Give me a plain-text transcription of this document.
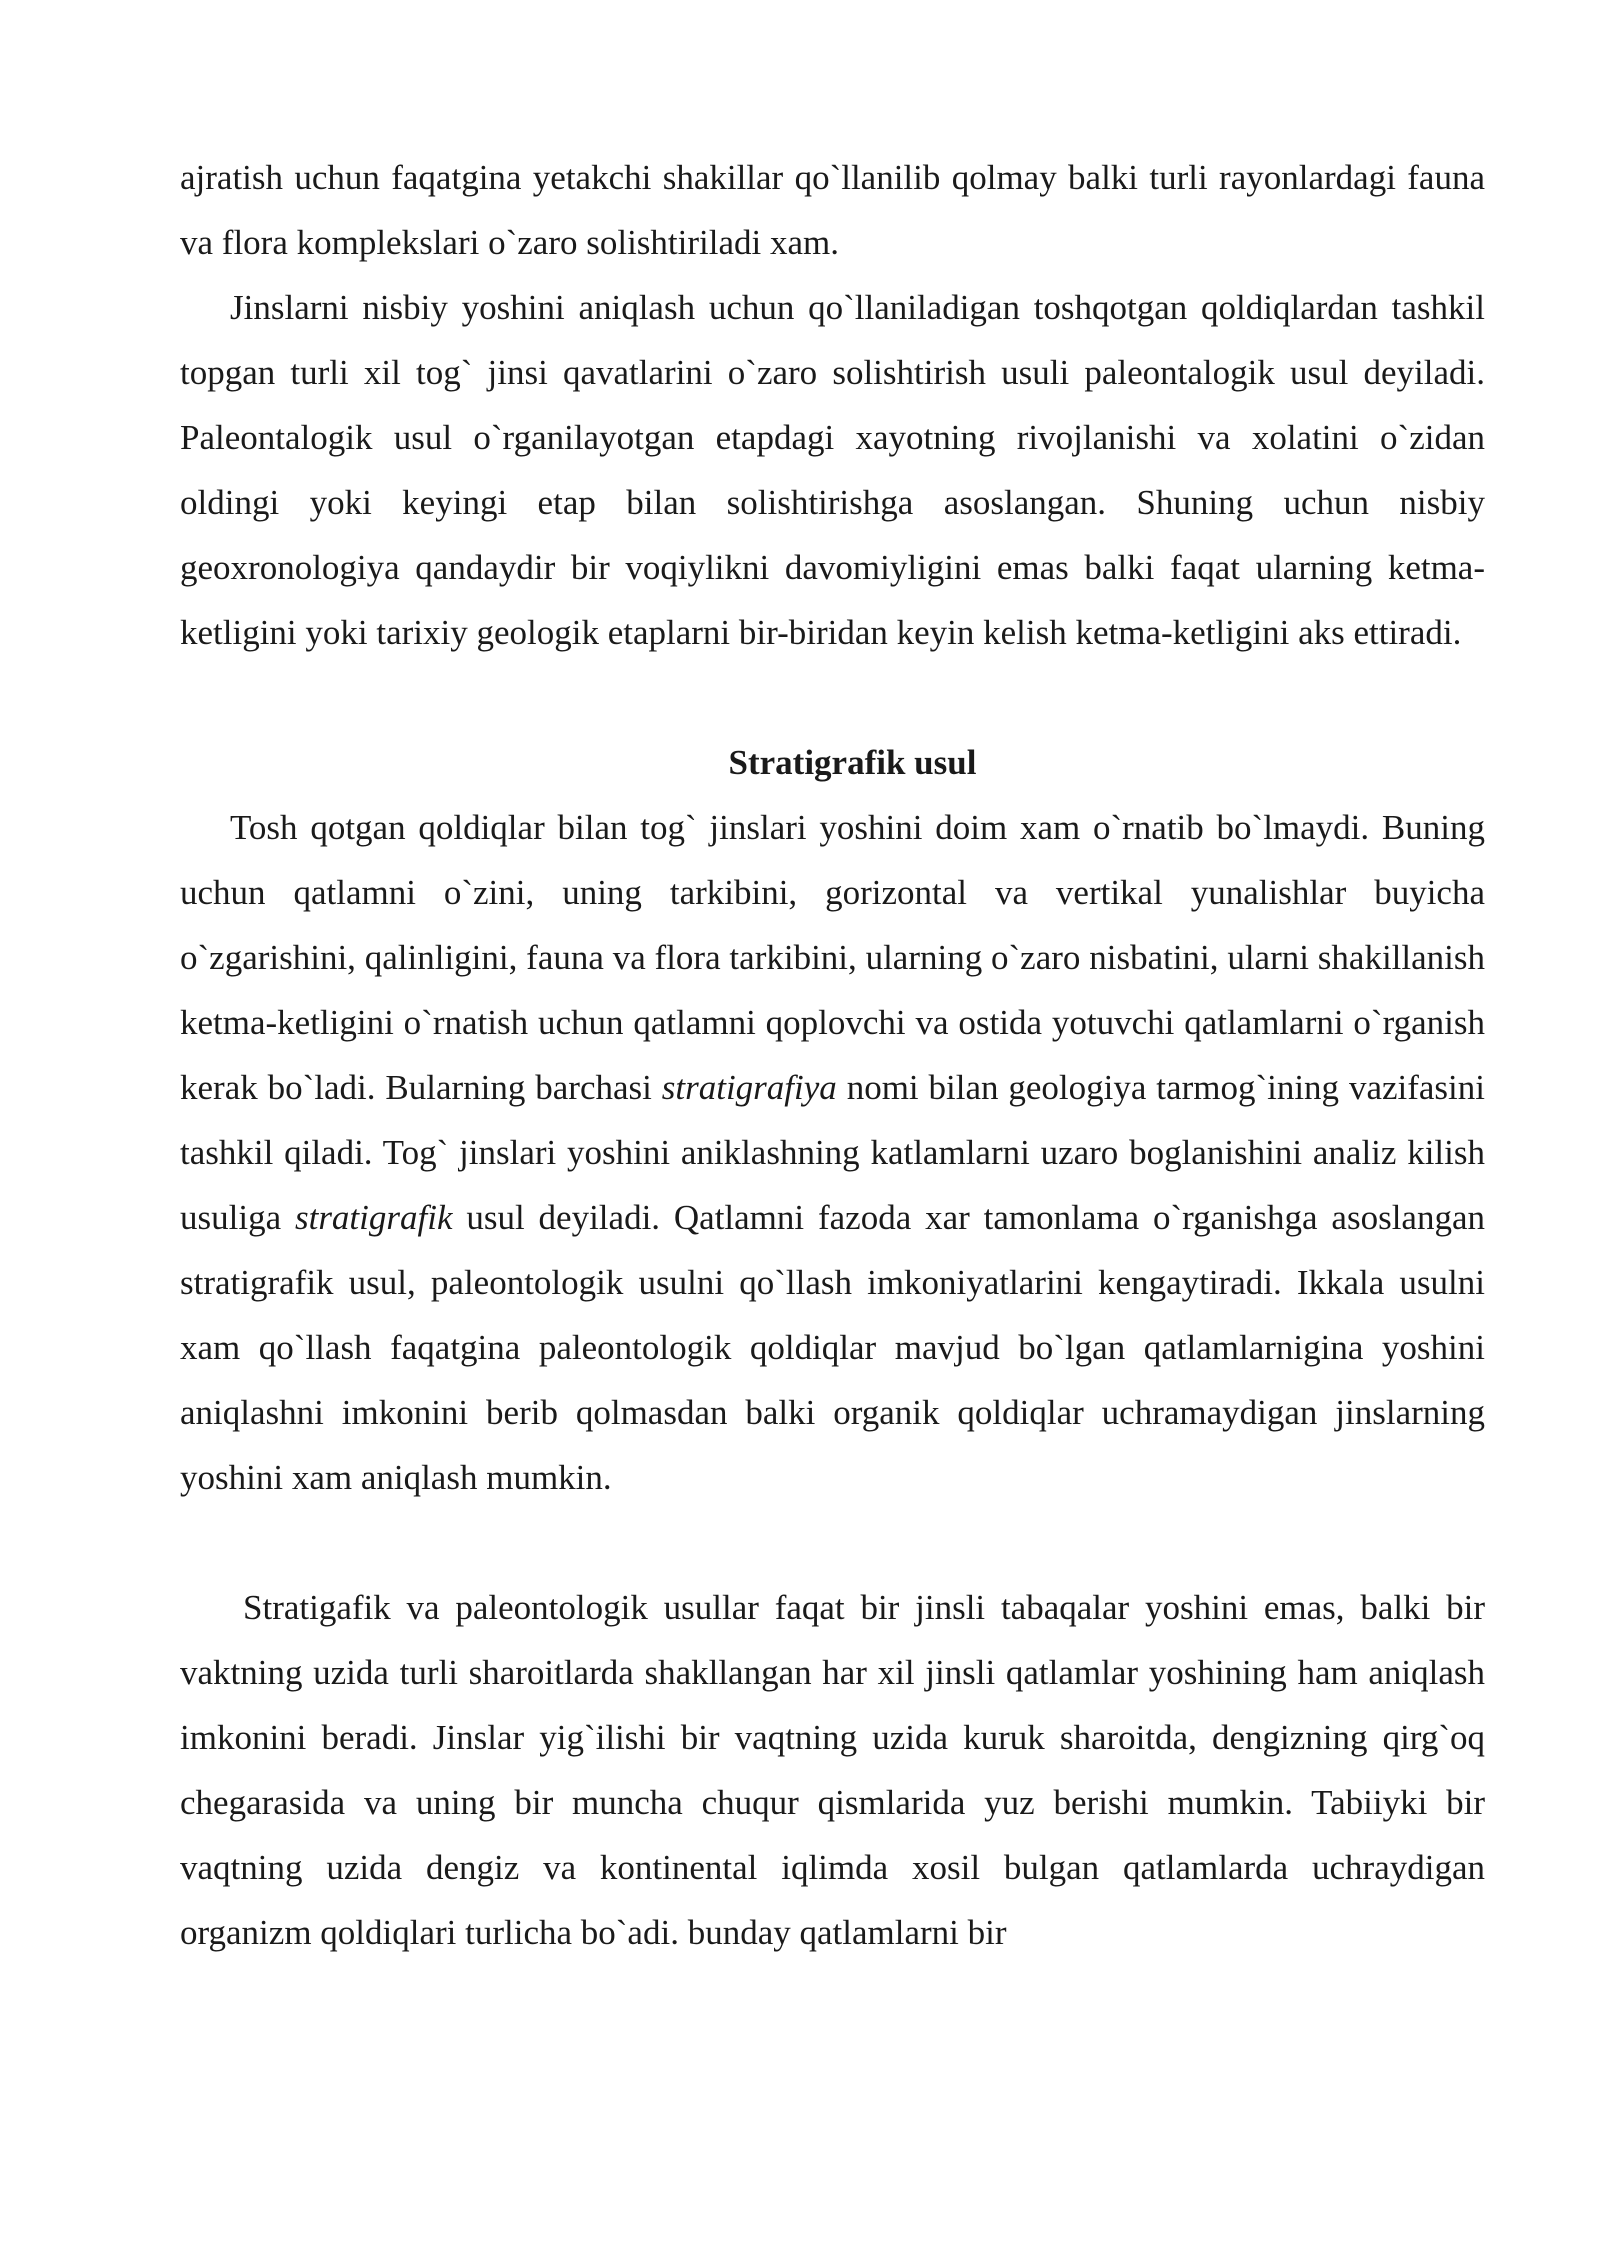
ajratish uchun faqatgina yetakchi shakillar qo`llanilib qolmay balki turli rayonlardagi fauna va flora komplekslari o`zaro solishtiriladi xam.

Jinslarni nisbiy yoshini aniqlash uchun qo`llaniladigan toshqotgan qoldiqlardan tashkil topgan turli xil tog` jinsi qavatlarini o`zaro solishtirish usuli paleontalogik usul deyiladi. Paleontalogik usul o`rganilayotgan etapdagi xayotning rivojlanishi va xolatini o`zidan oldingi yoki keyingi etap bilan solishtirishga asoslangan. Shuning uchun nisbiy geoxronologiya qandaydir bir voqiylikni davomiyligini emas balki faqat ularning ketma-ketligini yoki tarixiy geologik etaplarni bir-biridan keyin kelish ketma-ketligini aks ettiradi.

Stratigrafik usul

Tosh qotgan qoldiqlar bilan tog` jinslari yoshini doim xam o`rnatib bo`lmaydi. Buning uchun qatlamni o`zini, uning tarkibini, gorizontal va vertikal yunalishlar buyicha o`zgarishini, qalinligini, fauna va flora tarkibini, ularning o`zaro nisbatini, ularni shakillanish ketma-ketligini o`rnatish uchun qatlamni qoplovchi va ostida yotuvchi qatlamlarni o`rganish kerak bo`ladi. Bularning barchasi stratigrafiya nomi bilan geologiya tarmog`ining vazifasini tashkil qiladi. Tog` jinslari yoshini aniklashning katlamlarni uzaro boglanishini analiz kilish usuliga stratigrafik usul deyiladi. Qatlamni fazoda xar tamonlama o`rganishga asoslangan stratigrafik usul, paleontologik usulni qo`llash imkoniyatlarini kengaytiradi. Ikkala usulni xam qo`llash faqatgina paleontologik qoldiqlar mavjud bo`lgan qatlamlarnigina yoshini aniqlashni imkonini berib qolmasdan balki organik qoldiqlar uchramaydigan jinslarning yoshini xam aniqlash mumkin.

Stratigafik va paleontologik usullar faqat bir jinsli tabaqalar yoshini emas, balki bir vaktning uzida turli sharoitlarda shakllangan har xil jinsli qatlamlar yoshining ham aniqlash imkonini beradi. Jinslar yig`ilishi bir vaqtning uzida kuruk sharoitda, dengizning qirg`oq chegarasida va uning bir muncha chuqur qismlarida yuz berishi mumkin. Tabiiyki bir vaqtning uzida dengiz va kontinental iqlimda xosil bulgan qatlamlarda uchraydigan organizm qoldiqlari turlicha bo`adi. bunday qatlamlarni bir
